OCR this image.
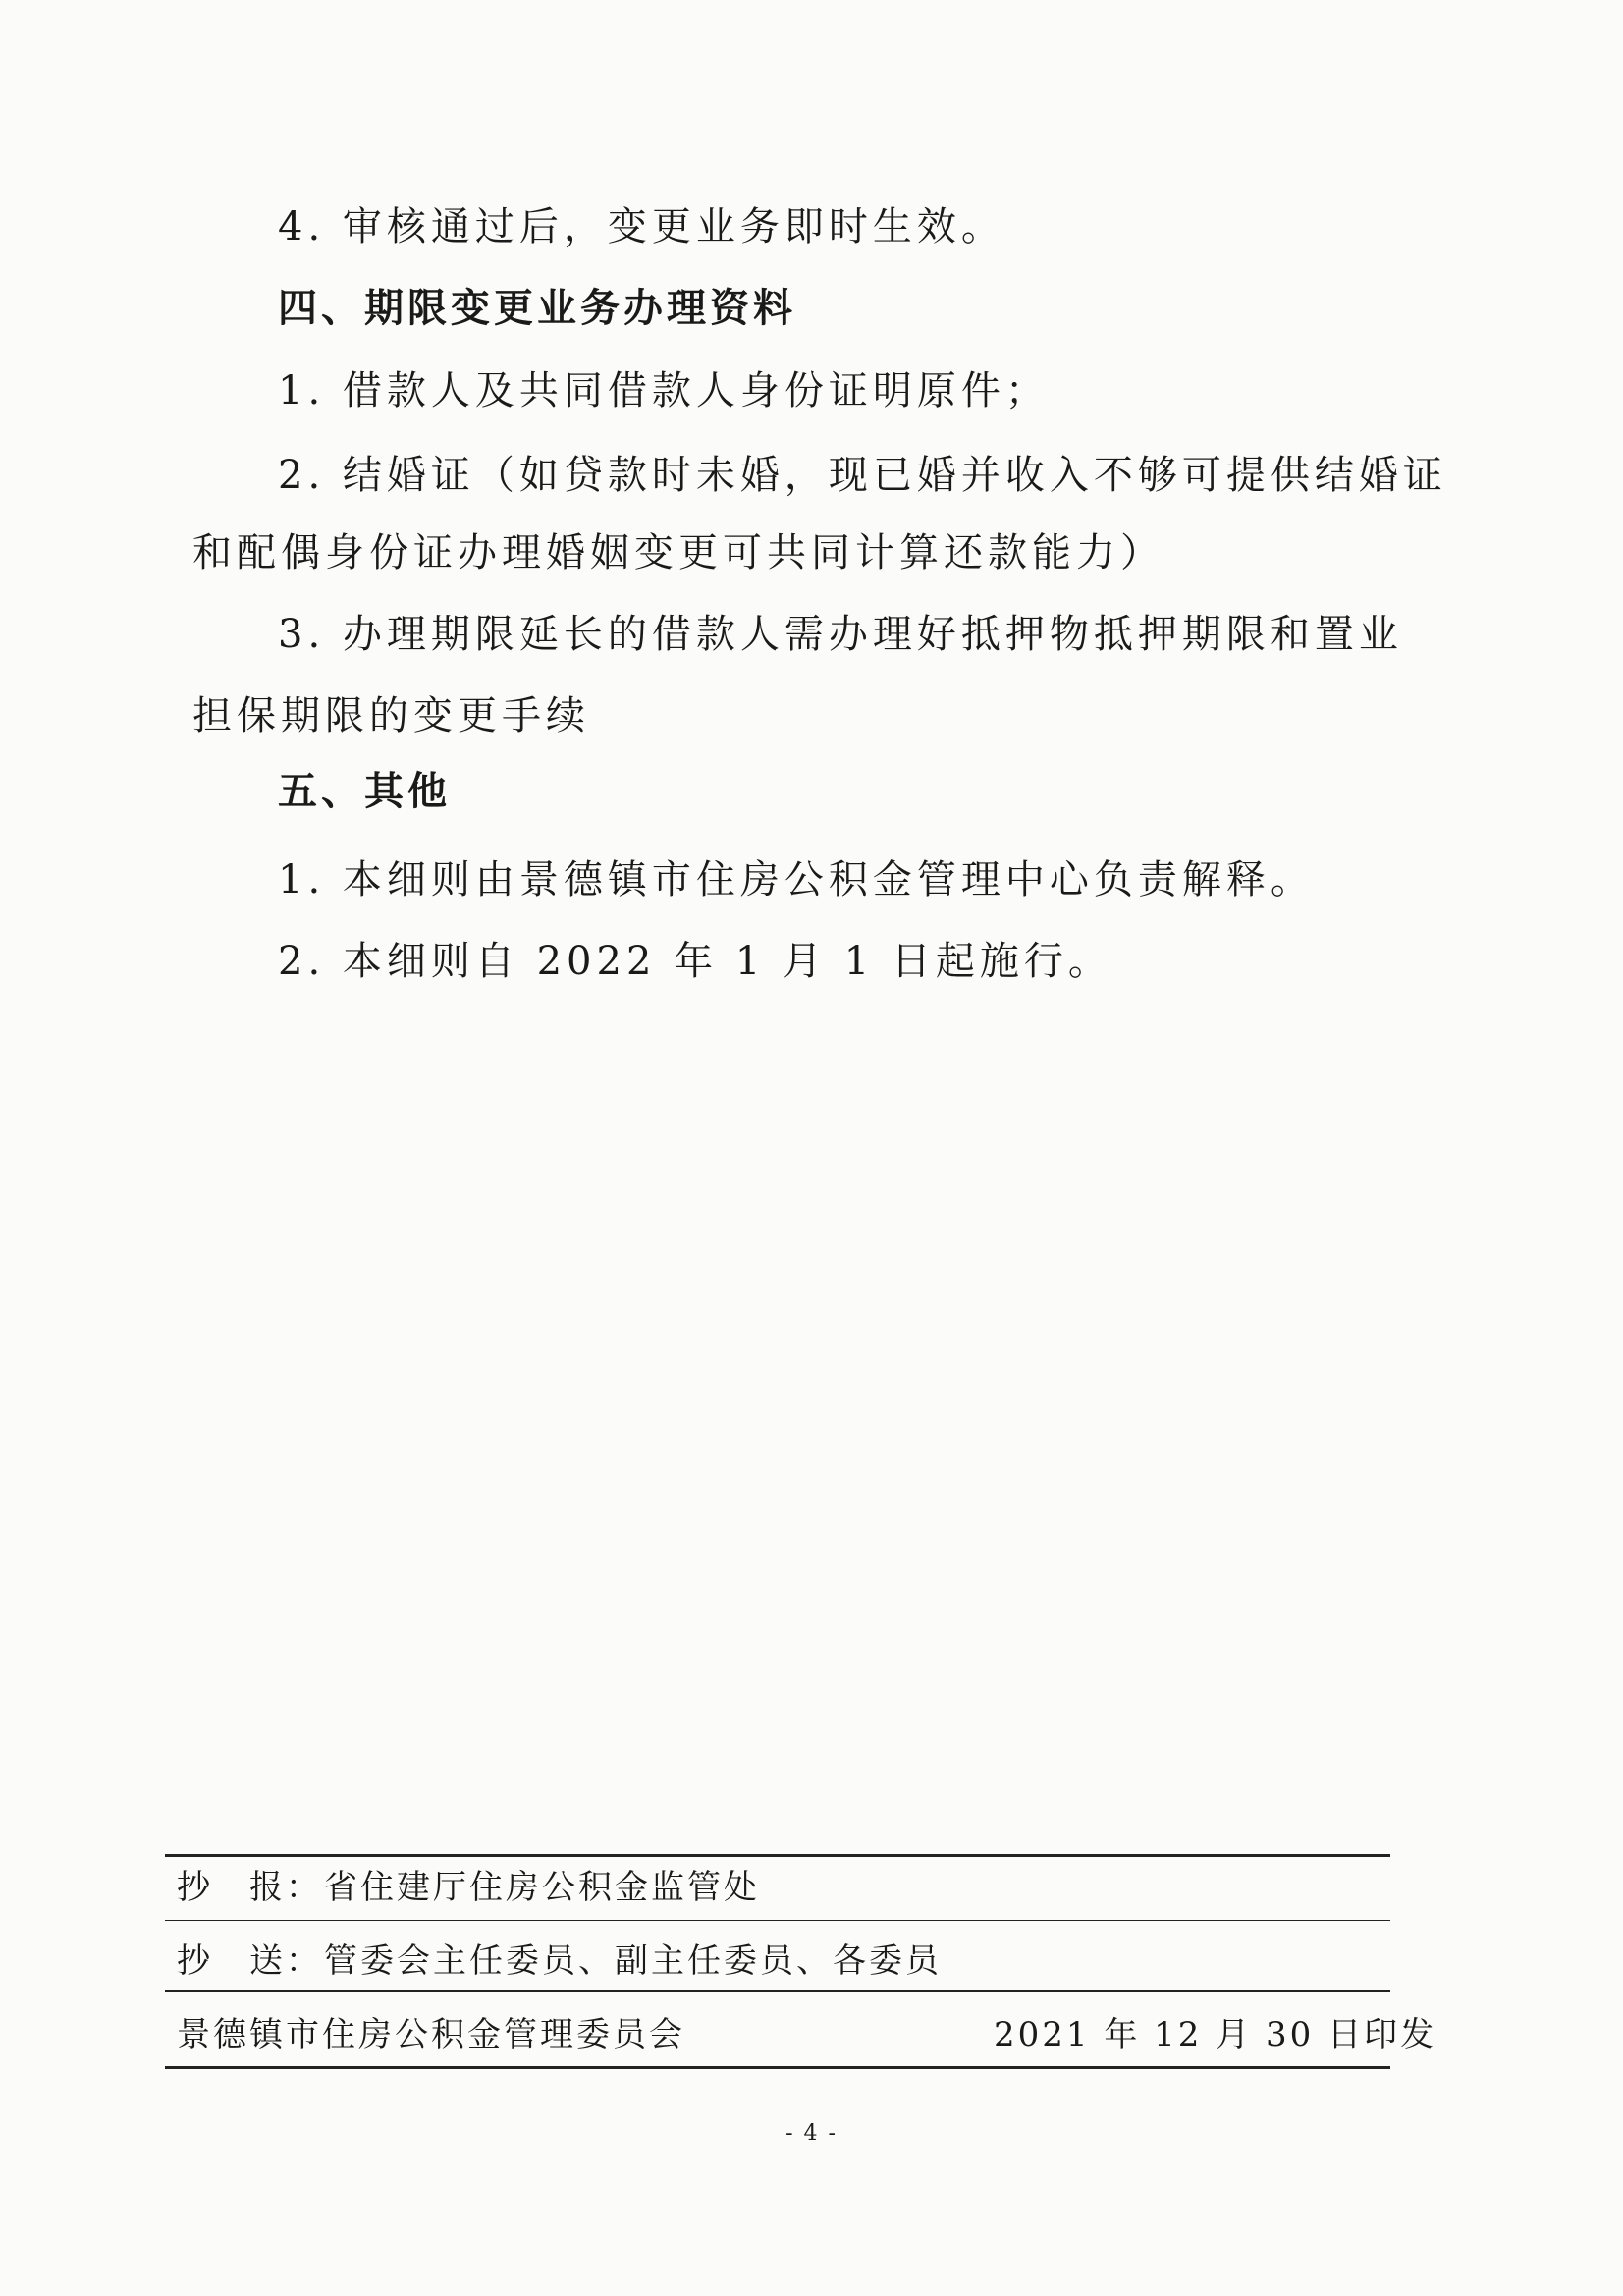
4. 审核通过后，变更业务即时生效。
四、期限变更业务办理资料
1. 借款人及共同借款人身份证明原件；
2. 结婚证（如贷款时未婚，现已婚并收入不够可提供结婚证
和配偶身份证办理婚姻变更可共同计算还款能力）
3. 办理期限延长的借款人需办理好抵押物抵押期限和置业
担保期限的变更手续
五、其他
1. 本细则由景德镇市住房公积金管理中心负责解释。
2. 本细则自 2022 年 1 月 1 日起施行。
抄　报： 省住建厅住房公积金监管处
抄　送： 管委会主任委员、副主任委员、各委员
景德镇市住房公积金管理委员会	2021 年 12 月 30 日印发
- 4 -
